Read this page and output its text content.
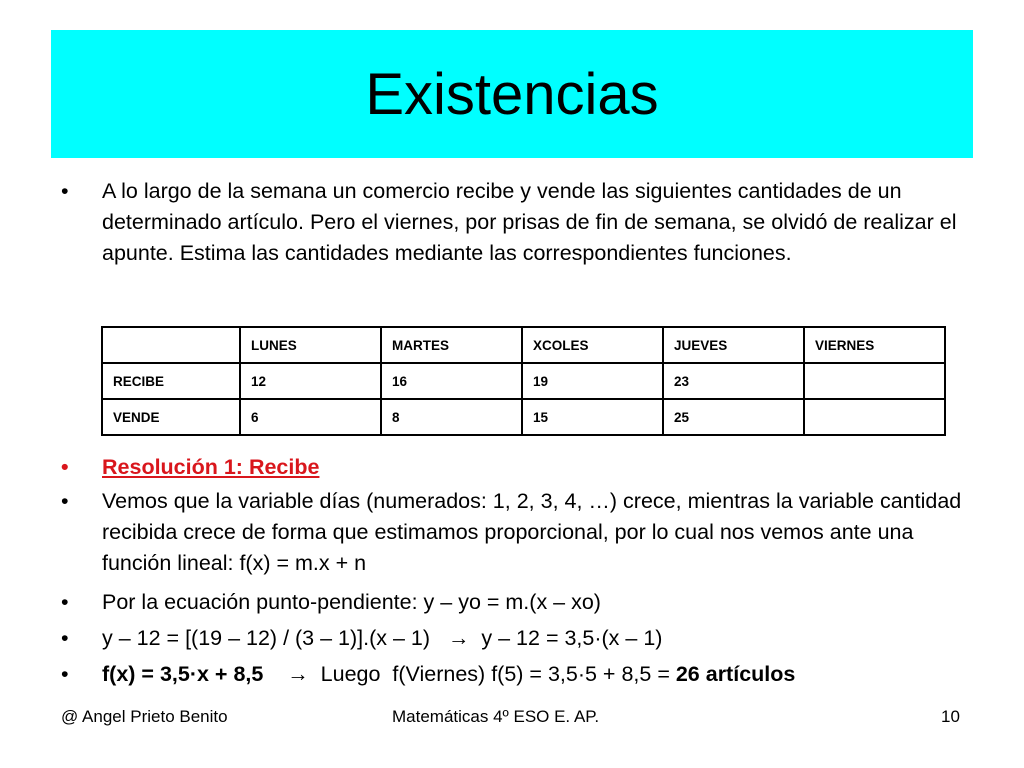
Existencias
• A lo largo de la semana un comercio recibe y vende las siguientes cantidades de un determinado artículo. Pero el viernes, por prisas de fin de semana, se olvidó de realizar el apunte. Estima las cantidades mediante las correspondientes funciones.
	LUNES	MARTES	XCOLES	JUEVES	VIERNES
RECIBE	12	16	19	23	
VENDE	6	8	15	25	
• Resolución 1: Recibe
• Vemos que la variable días (numerados: 1, 2, 3, 4, …) crece, mientras la variable cantidad recibida crece de forma que estimamos proporcional, por lo cual nos vemos ante una función lineal: f(x) = m.x + n
• Por la ecuación punto-pendiente: y – yo = m.(x – xo)
• y – 12 = [(19 – 12) / (3 – 1)].(x – 1)   →  y – 12 = 3,5·(x – 1)
• f(x) = 3,5·x + 8,5    →  Luego  f(Viernes) f(5) = 3,5·5 + 8,5 = 26 artículos
@ Angel Prieto Benito	Matemáticas 4º ESO E. AP.	10
